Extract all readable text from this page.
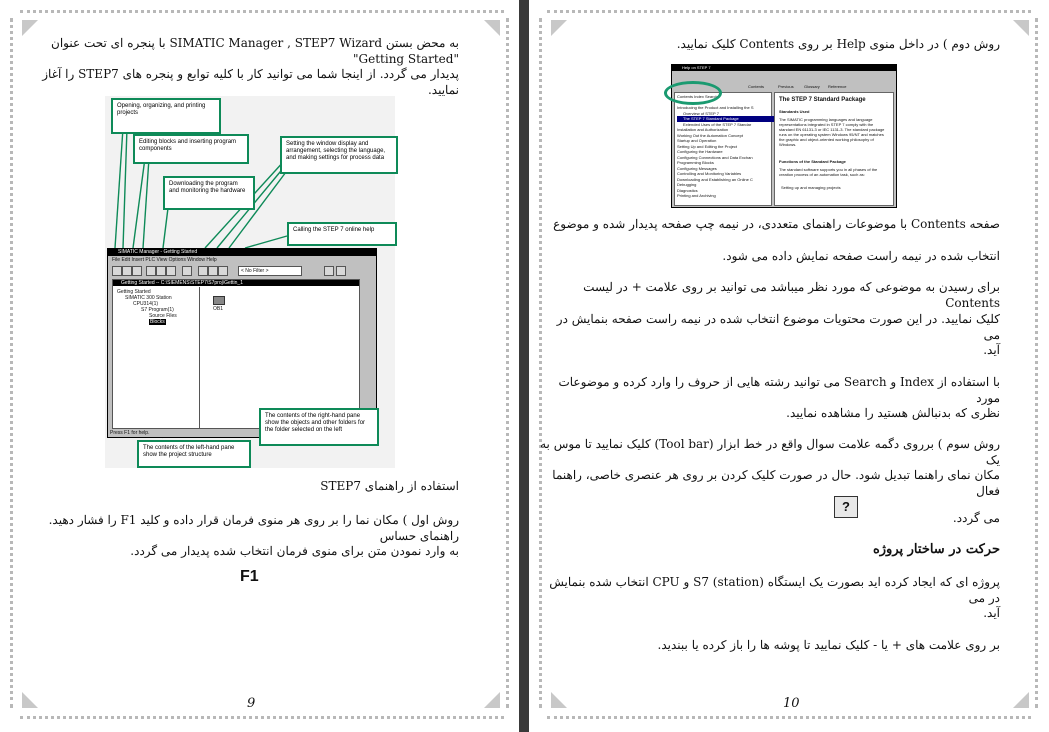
به محض بستن SIMATIC Manager , STEP7 Wizard با پنجره ای تحت عنوان "Getting Started"
پدیدار می گردد. از اینجا شما می توانید کار با کلیه توابع و پنجره های STEP7 را آغاز نمایید.
Opening, organizing, and printing projects
Editing blocks and inserting program components
Downloading the program and monitoring the hardware
Setting the window display and arrangement, selecting the language, and making settings for process data
Calling the STEP 7 online help
SIMATIC Manager - Getting Started
File Edit Insert PLC View Options Window Help
< No Filter >
Getting Started -- C:\SIEMENS\STEP7\S7proj\Gettin_1
Getting Started
SIMATIC 300 Station
CPU314(1)
S7 Program(1)
Source Files
Blocks
OB1
Press F1 for help.
The contents of the right-hand pane show the objects and other folders for the folder selected on the left
The contents of the left-hand pane show the project structure
استفاده از راهنمای STEP7
روش اول ) مکان نما را بر روی هر منوی فرمان قرار داده و کلید F1 را فشار دهید. راهنمای حساس
به وارد نمودن متن برای منوی فرمان انتخاب شده پدیدار می گردد.
F1
9
روش دوم ) در داخل منوی Help بر روی Contents کلیک نمایید.
Help on STEP 7
Contents	Previous	Glossary Reference
Contents Index Search
Introducing the Product and Installing the S
Overview of STEP 7
The STEP 7 Standard Package
Extended Uses of the STEP 7 Standar
Installation and Authorization
Working Out the Automation Concept
Startup and Operation
Setting Up and Editing the Project
Configuring the Hardware
Configuring Connections and Data Exchan
Programming Blocks
Configuring Messages
Controlling and Monitoring Variables
Downloading and Establishing an Online C
Debugging
Diagnostics
Printing and Archiving
The STEP 7 Standard Package
Standards Used
The SIMATIC programming languages and language representations integrated in STEP 7 comply with the standard EN 61131-3 or IEC 1131-3. The standard package runs on the operating system Windows 95/NT and matches the graphic and object-oriented working philosophy of Windows.
Functions of the Standard Package
The standard software supports you in all phases of the creation process of an automation task, such as:
Setting up and managing projects
صفحه Contents با موضوعات راهنمای متعددی، در نیمه چپ صفحه پدیدار شده و موضوع
انتخاب شده در نیمه راست صفحه نمایش داده می شود.
برای رسیدن به موضوعی که مورد نظر میباشد می توانید بر روی علامت + در لیست Contents
کلیک نمایید. در این صورت محتویات موضوع انتخاب شده در نیمه راست صفحه بنمایش در می
آید.
با استفاده از Index و Search می توانید رشته هایی از حروف را وارد کرده و موضوعات مورد
نظری که بدنبالش هستید را مشاهده نمایید.
روش سوم ) برروی دگمه علامت سوال واقع در خط ابزار (Tool bar) کلیک نمایید تا موس به یک
مکان نمای راهنما تبدیل شود. حال در صورت کلیک کردن بر روی هر عنصری خاصی، راهنما فعال
?
می گردد.
حرکت در ساختار پروژه
پروژه ای که ایجاد کرده اید بصورت یک ایستگاه (station) S7 و CPU انتخاب شده بنمایش در می
آید.
بر روی علامت های + یا - کلیک نمایید تا پوشه ها را باز کرده یا ببندید.
10
